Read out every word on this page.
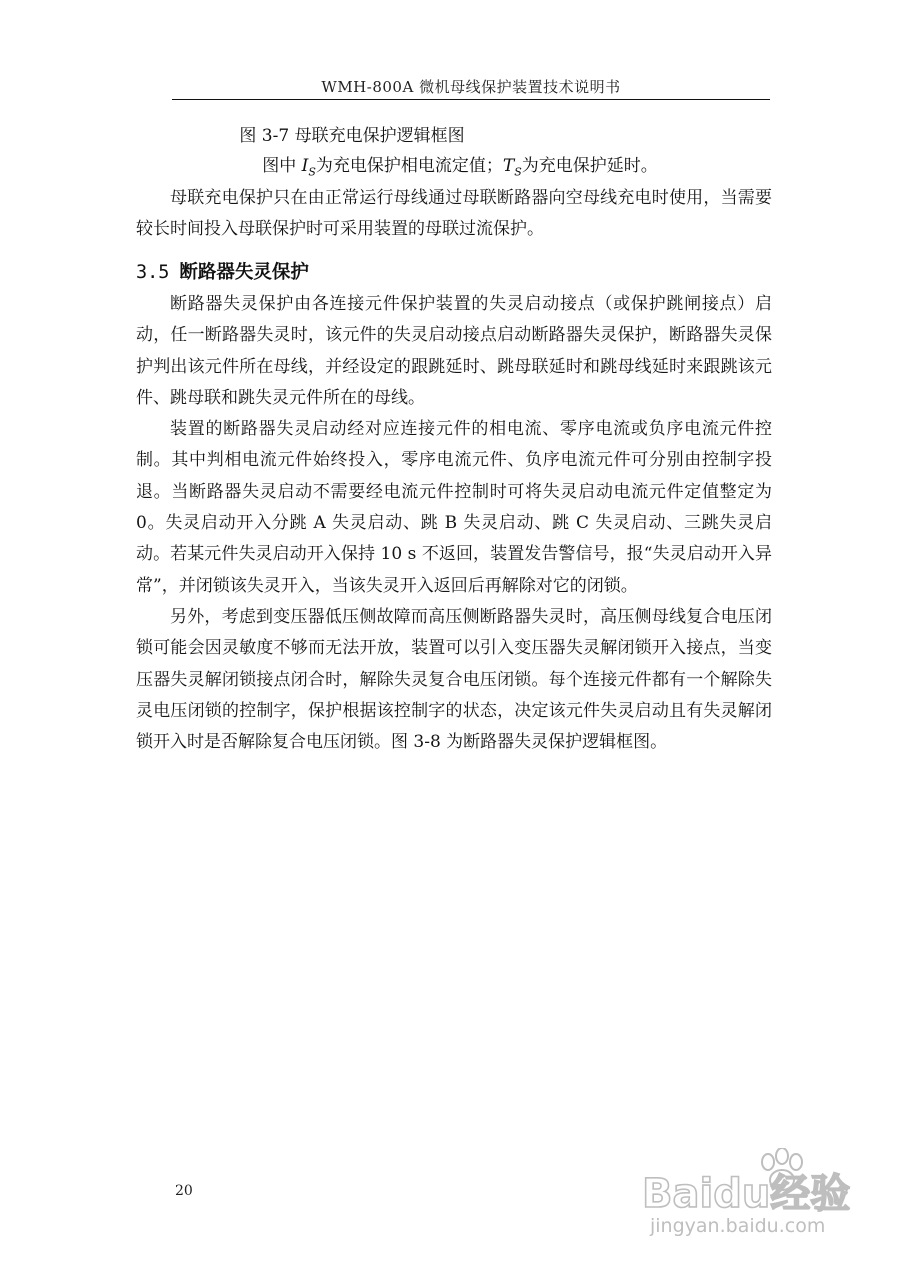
WMH-800A 微机母线保护装置技术说明书
图 3-7 母联充电保护逻辑框图
图中 $I_S$为充电保护相电流定值；$T_S$为充电保护延时。

母联充电保护只在由正常运行母线通过母联断路器向空母线充电时使用，当需要较长时间投入母联保护时可采用装置的母联过流保护。

3.5 断路器失灵保护

断路器失灵保护由各连接元件保护装置的失灵启动接点（或保护跳闸接点）启动，任一断路器失灵时，该元件的失灵启动接点启动断路器失灵保护，断路器失灵保护判出该元件所在母线，并经设定的跟跳延时、跳母联延时和跳母线延时来跟跳该元件、跳母联和跳失灵元件所在的母线。

装置的断路器失灵启动经对应连接元件的相电流、零序电流或负序电流元件控制。其中判相电流元件始终投入，零序电流元件、负序电流元件可分别由控制字投退。当断路器失灵启动不需要经电流元件控制时可将失灵启动电流元件定值整定为 0。失灵启动开入分跳 A 失灵启动、跳 B 失灵启动、跳 C 失灵启动、三跳失灵启动。若某元件失灵启动开入保持 10 s 不返回，装置发告警信号，报“失灵启动开入异常”，并闭锁该失灵开入，当该失灵开入返回后再解除对它的闭锁。

另外，考虑到变压器低压侧故障而高压侧断路器失灵时，高压侧母线复合电压闭锁可能会因灵敏度不够而无法开放，装置可以引入变压器失灵解闭锁开入接点，当变压器失灵解闭锁接点闭合时，解除失灵复合电压闭锁。每个连接元件都有一个解除失灵电压闭锁的控制字，保护根据该控制字的状态，决定该元件失灵启动且有失灵解闭锁开入时是否解除复合电压闭锁。图 3-8 为断路器失灵保护逻辑框图。

20	Baidu经验
jingyan.baidu.com
